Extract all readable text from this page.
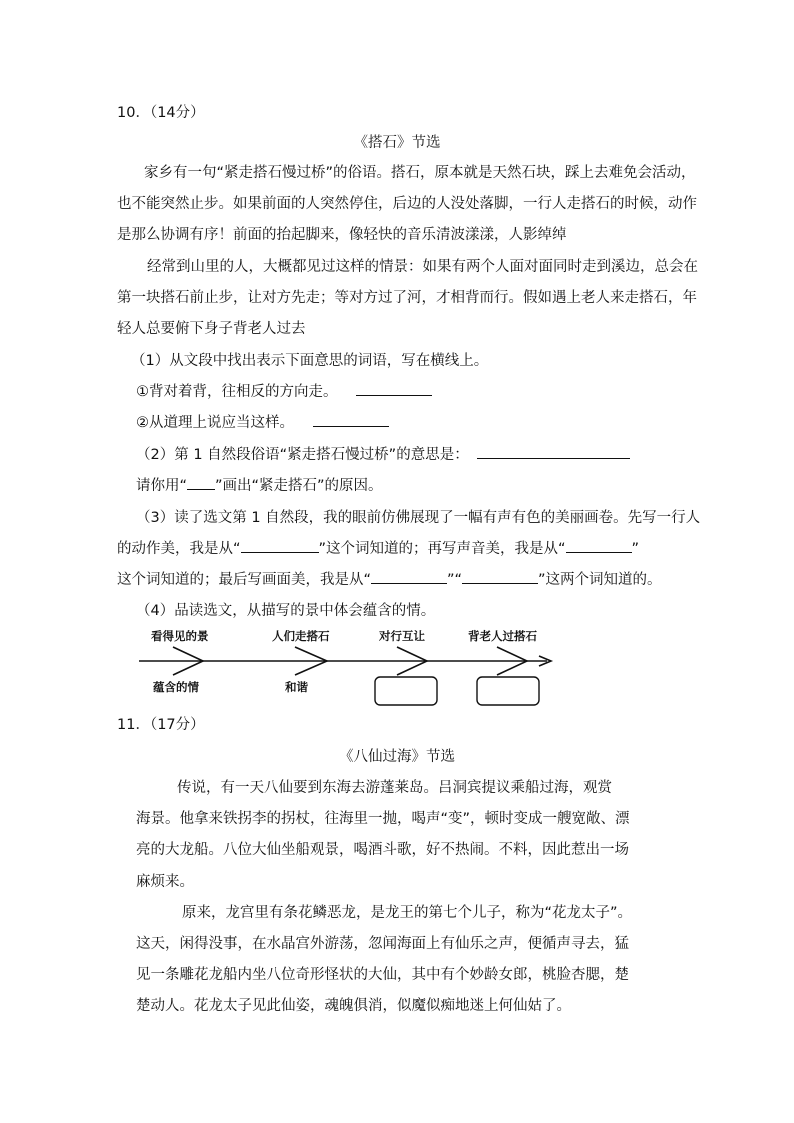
10．（14分）
《搭石》节选
家乡有一句“紧走搭石慢过桥”的俗语。搭石，原本就是天然石块，踩上去难免会活动，
也不能突然止步。如果前面的人突然停住，后边的人没处落脚，一行人走搭石的时候，动作
是那么协调有序！前面的抬起脚来，像轻快的音乐清波漾漾，人影绰绰
经常到山里的人，大概都见过这样的情景：如果有两个人面对面同时走到溪边，总会在
第一块搭石前止步，让对方先走；等对方过了河，才相背而行。假如遇上老人来走搭石，年
轻人总要俯下身子背老人过去
（1）从文段中找出表示下面意思的词语，写在横线上。
①背对着背，往相反的方向走。
②从道理上说应当这样。
（2）第 1 自然段俗语“紧走搭石慢过桥”的意思是：
请你用“ ”画出“紧走搭石”的原因。
（3）读了选文第 1 自然段，我的眼前仿佛展现了一幅有声有色的美丽画卷。先写一行人
的动作美，我是从“	”这个词知道的；再写声音美，我是从“	”
这个词知道的；最后写画面美，我是从“	”“	”这两个词知道的。
（4）品读选文，从描写的景中体会蕴含的情。
看得见的景	人们走搭石	对行互让	背老人过搭石
蕴含的情	和谐
11．（17分）
《八仙过海》节选
传说，有一天八仙要到东海去游蓬莱岛。吕洞宾提议乘船过海，观赏
海景。他拿来铁拐李的拐杖，往海里一抛，喝声“变”，顿时变成一艘宽敞、漂
亮的大龙船。八位大仙坐船观景，喝酒斗歌，好不热闹。不料，因此惹出一场
麻烦来。
原来，龙宫里有条花鳞恶龙，是龙王的第七个儿子，称为“花龙太子”。
这天，闲得没事，在水晶宫外游荡，忽闻海面上有仙乐之声，便循声寻去，猛
见一条雕花龙船内坐八位奇形怪状的大仙，其中有个妙龄女郎，桃脸杏腮，楚
楚动人。花龙太子见此仙姿，魂魄俱消，似魔似痴地迷上何仙姑了。
